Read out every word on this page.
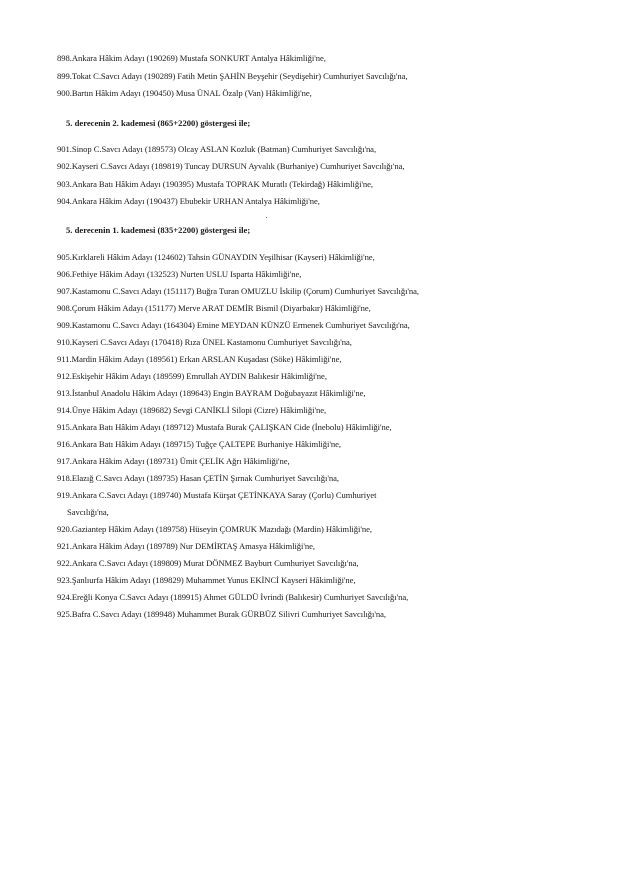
898.Ankara Hâkim Adayı (190269) Mustafa SONKURT Antalya Hâkimliği'ne,
899.Tokat C.Savcı Adayı (190289) Fatih Metin ŞAHİN Beyşehir (Seydişehir) Cumhuriyet Savcılığı'na,
900.Bartın Hâkim Adayı (190450) Musa ÜNAL Özalp (Van) Hâkimliği'ne,
5. derecenin 2. kademesi (865+2200) göstergesi ile;
901.Sinop C.Savcı Adayı (189573) Olcay ASLAN Kozluk (Batman) Cumhuriyet Savcılığı'na,
902.Kayseri C.Savcı Adayı (189819) Tuncay DURSUN Ayvalık (Burhaniye) Cumhuriyet Savcılığı'na,
903.Ankara Batı Hâkim Adayı (190395) Mustafa TOPRAK Muratlı (Tekirdağ) Hâkimliği'ne,
904.Ankara Hâkim Adayı (190437) Ebubekir URHAN Antalya Hâkimliği'ne,
5. derecenin 1. kademesi (835+2200) göstergesi ile;
905.Kırklareli Hâkim Adayı (124602) Tahsin GÜNAYDIN Yeşilhisar (Kayseri) Hâkimliği'ne,
906.Fethiye Hâkim Adayı (132523) Nurten USLU Isparta Hâkimliği'ne,
907.Kastamonu C.Savcı Adayı (151117) Buğra Turan OMUZLU İskilip (Çorum) Cumhuriyet Savcılığı'na,
908.Çorum Hâkim Adayı (151177) Merve ARAT DEMİR Bismil (Diyarbakır) Hâkimliği'ne,
909.Kastamonu C.Savcı Adayı (164304) Emine MEYDAN KÜNZÜ Ermenek Cumhuriyet Savcılığı'na,
910.Kayseri C.Savcı Adayı (170418) Rıza ÜNEL Kastamonu Cumhuriyet Savcılığı'na,
911.Mardin Hâkim Adayı (189561) Erkan ARSLAN Kuşadası (Söke) Hâkimliği'ne,
912.Eskişehir Hâkim Adayı (189599) Emrullah AYDIN Balıkesir Hâkimliği'ne,
913.İstanbul Anadolu Hâkim Adayı (189643) Engin BAYRAM Doğubayazıt Hâkimliği'ne,
914.Ünye Hâkim Adayı (189682) Sevgi CANİKLİ Silopi (Cizre) Hâkimliği'ne,
915.Ankara Batı Hâkim Adayı (189712) Mustafa Burak ÇALIŞKAN Cide (İnebolu) Hâkimliği'ne,
916.Ankara Batı Hâkim Adayı (189715) Tuğçe ÇALTEPE Burhaniye Hâkimliği'ne,
917.Ankara Hâkim Adayı (189731) Ümit ÇELİK Ağrı Hâkimliği'ne,
918.Elazığ C.Savcı Adayı (189735) Hasan ÇETİN Şırnak Cumhuriyet Savcılığı'na,
919.Ankara C.Savcı Adayı (189740) Mustafa Kürşat ÇETİNKAYA Saray (Çorlu) Cumhuriyet
Savcılığı'na,
920.Gaziantep Hâkim Adayı (189758) Hüseyin ÇOMRUK Mazıdağı (Mardin) Hâkimliği'ne,
921.Ankara Hâkim Adayı (189789) Nur DEMİRTAŞ Amasya Hâkimliği'ne,
922.Ankara C.Savcı Adayı (189809) Murat DÖNMEZ Bayburt Cumhuriyet Savcılığı'na,
923.Şanlıurfa Hâkim Adayı (189829) Muhammet Yunus EKİNCİ Kayseri Hâkimliği'ne,
924.Ereğli Konya C.Savcı Adayı (189915) Ahmet GÜLDÜ İvrindi (Balıkesir) Cumhuriyet Savcılığı'na,
925.Bafra C.Savcı Adayı (189948) Muhammet Burak GÜRBÜZ Silivri Cumhuriyet Savcılığı'na,
